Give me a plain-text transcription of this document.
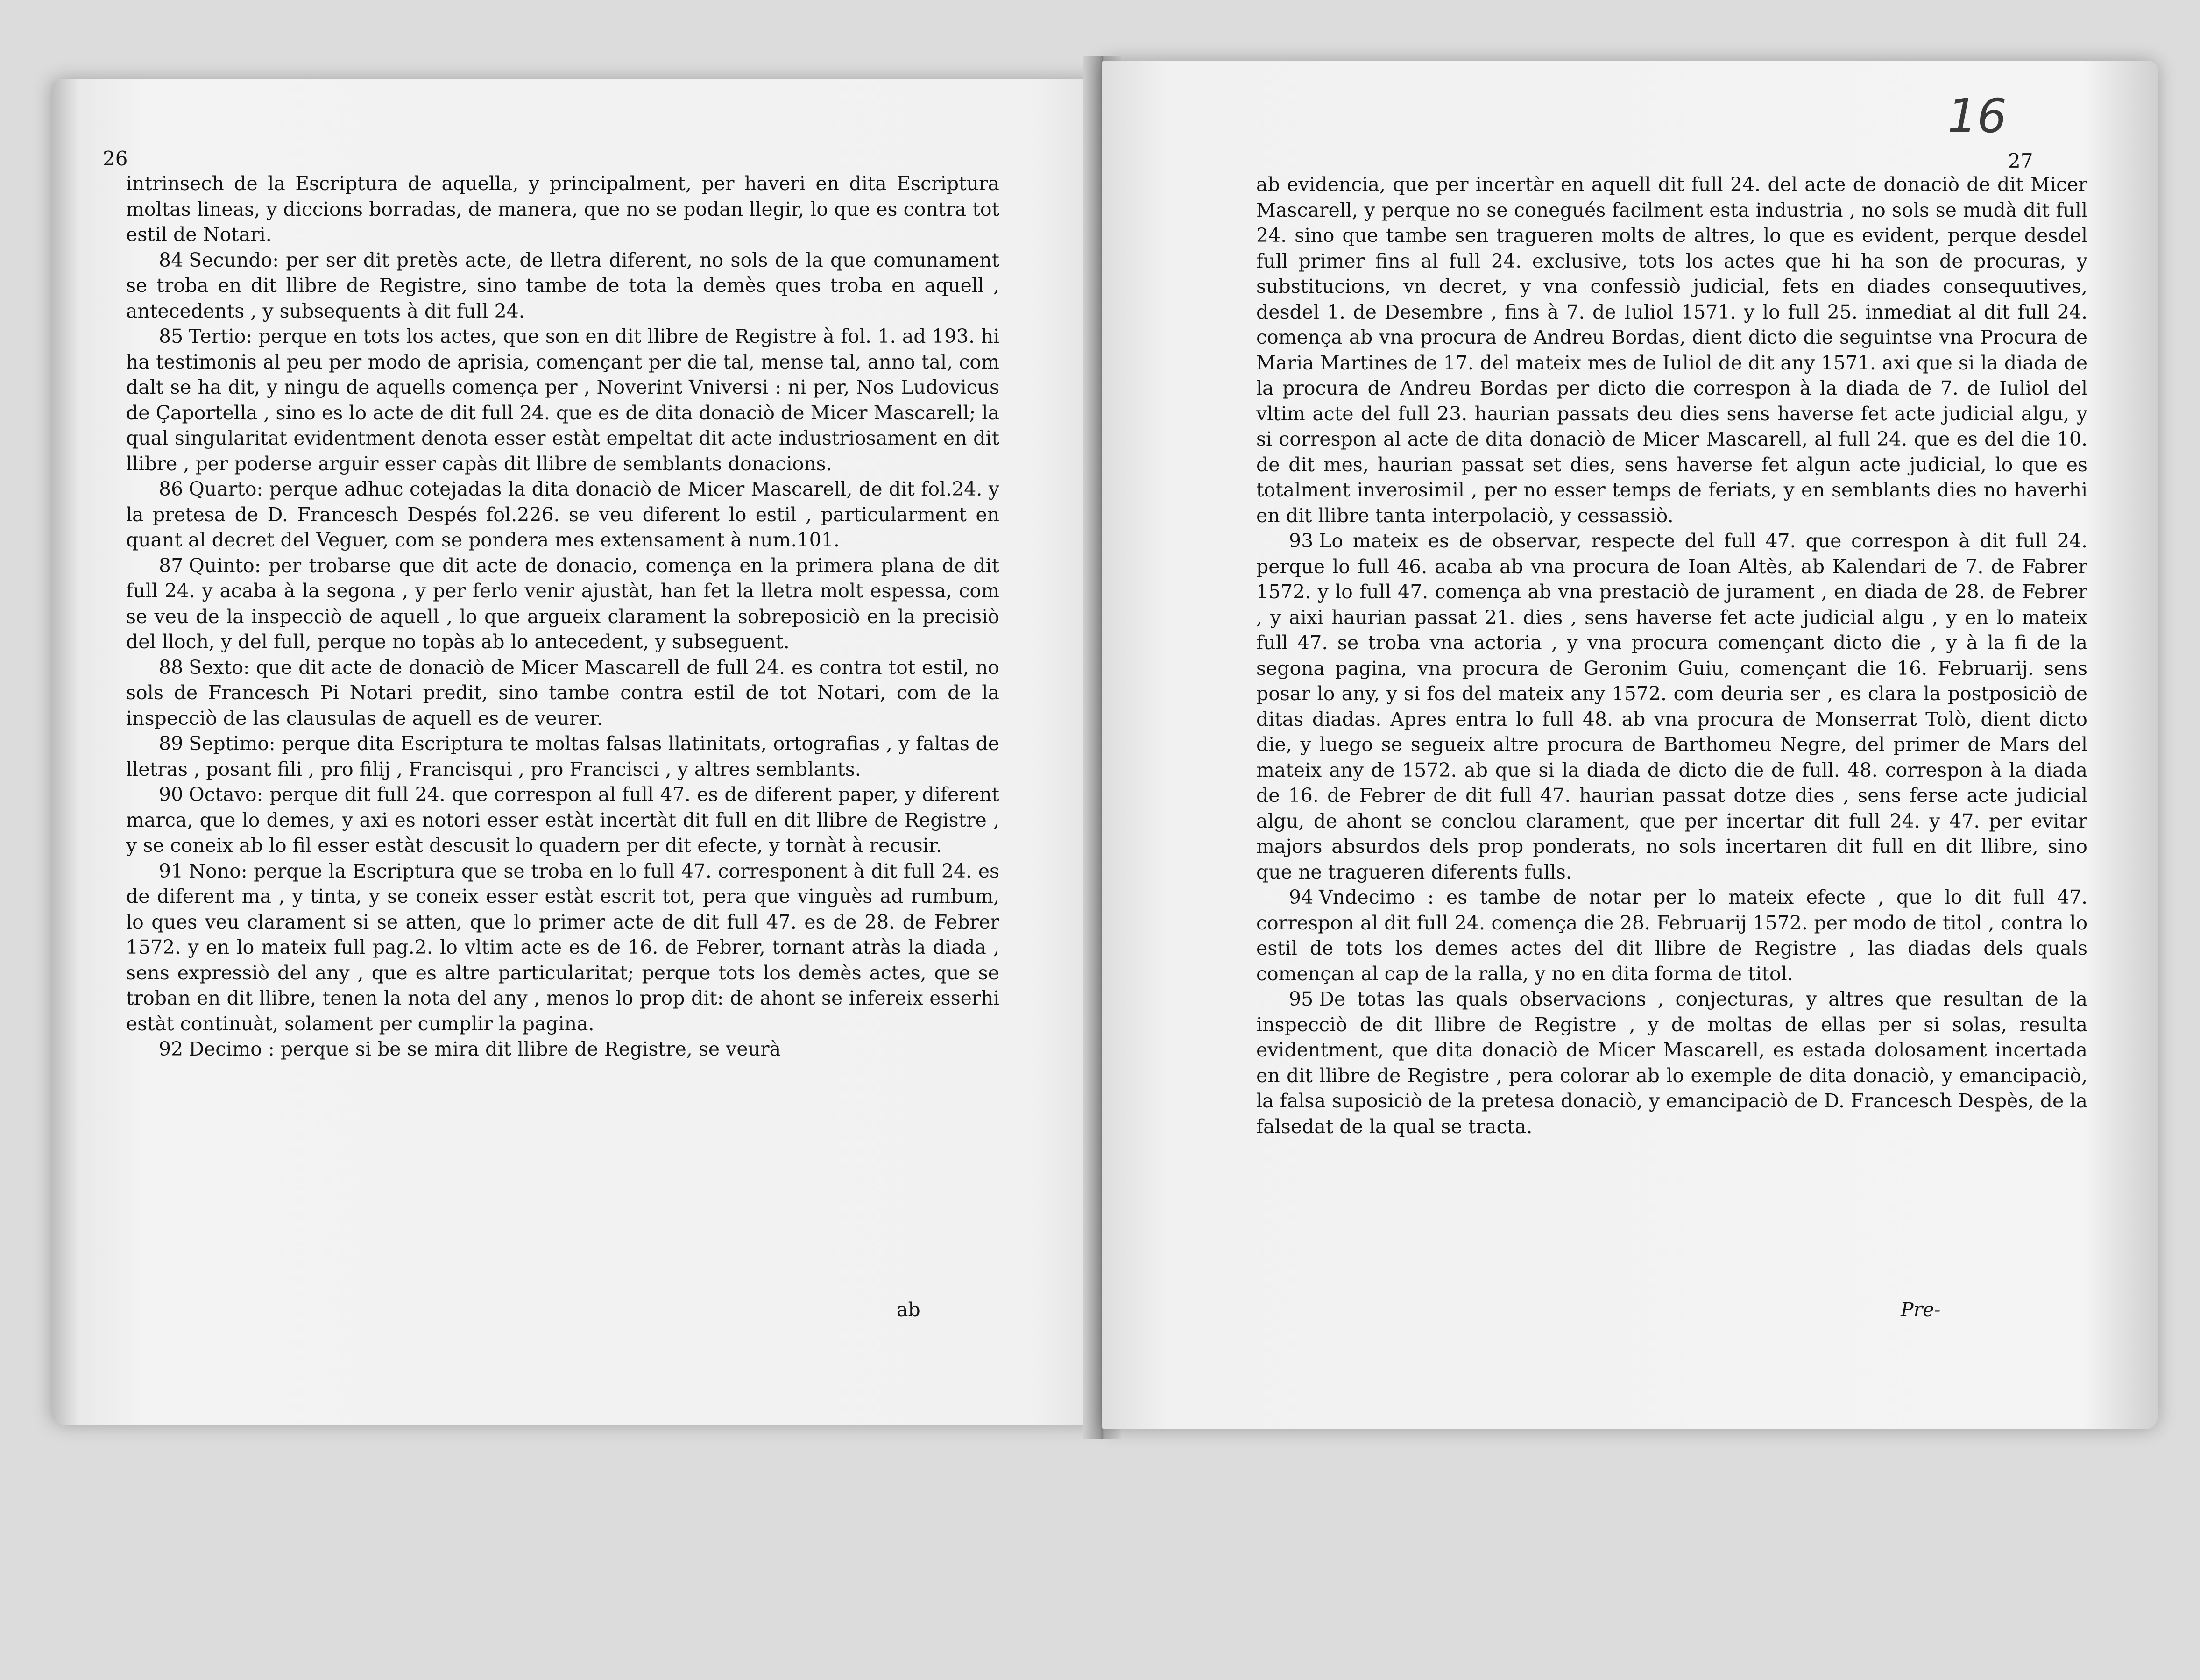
26

intrinsech de la Escriptura de aquella, y principalment, per haveri en dita Escriptura moltas lineas, y diccions borradas, de manera, que no se podan llegir, lo que es contra tot estil de Notari.

84 Secundo: per ser dit pretès acte, de lletra diferent, no sols de la que comunament se troba en dit llibre de Registre, sino tambe de tota la demès ques troba en aquell , antecedents , y subsequents à dit full 24.

85 Tertio: perque en tots los actes, que son en dit llibre de Registre à fol. 1. ad 193. hi ha testimonis al peu per modo de aprisia, començant per die tal, mense tal, anno tal, com dalt se ha dit, y ningu de aquells comença per , Noverint Vniversi : ni per, Nos Ludovicus de Çaportella , sino es lo acte de dit full 24. que es de dita donaciò de Micer Mascarell; la qual singularitat evidentment denota esser estàt empeltat dit acte industriosament en dit llibre , per poderse arguir esser capàs dit llibre de semblants donacions.

86 Quarto: perque adhuc cotejadas la dita donaciò de Micer Mascarell, de dit fol.24. y la pretesa de D. Francesch Despés fol.226. se veu diferent lo estil , particularment en quant al decret del Veguer, com se pondera mes extensament à num.101.

87 Quinto: per trobarse que dit acte de donacio, comença en la primera plana de dit full 24. y acaba à la segona , y per ferlo venir ajustàt, han fet la lletra molt espessa, com se veu de la inspecciò de aquell , lo que argueix clarament la sobreposiciò en la precisiò del lloch, y del full, perque no topàs ab lo antecedent, y subseguent.

88 Sexto: que dit acte de donaciò de Micer Mascarell de full 24. es contra tot estil, no sols de Francesch Pi Notari predit, sino tambe contra estil de tot Notari, com de la inspecciò de las clausulas de aquell es de veurer.

89 Septimo: perque dita Escriptura te moltas falsas llatinitats, ortografias , y faltas de lletras , posant fili , pro filij , Francisqui , pro Francisci , y altres semblants.

90 Octavo: perque dit full 24. que correspon al full 47. es de diferent paper, y diferent marca, que lo demes, y axi es notori esser estàt incertàt dit full en dit llibre de Registre , y se coneix ab lo fil esser estàt descusit lo quadern per dit efecte, y tornàt à recusir.

91 Nono: perque la Escriptura que se troba en lo full 47. corresponent à dit full 24. es de diferent ma , y tinta, y se coneix esser estàt escrit tot, pera que vinguès ad rumbum, lo ques veu clarament si se atten, que lo primer acte de dit full 47. es de 28. de Febrer 1572. y en lo mateix full pag.2. lo vltim acte es de 16. de Febrer, tornant atràs la diada , sens expressiò del any , que es altre particularitat; perque tots los demès actes, que se troban en dit llibre, tenen la nota del any , menos lo prop dit: de ahont se infereix esserhi estàt continuàt, solament per cumplir la pagina.

92 Decimo : perque si be se mira dit llibre de Registre, se veurà

ab
16
27

ab evidencia, que per incertàr en aquell dit full 24. del acte de donaciò de dit Micer Mascarell, y perque no se conegués facilment esta industria , no sols se mudà dit full 24. sino que tambe sen tragueren molts de altres, lo que es evident, perque desdel full primer fins al full 24. exclusive, tots los actes que hi ha son de procuras, y substitucions, vn decret, y vna confessiò judicial, fets en diades consequutives, desdel 1. de Desembre , fins à 7. de Iuliol 1571. y lo full 25. inmediat al dit full 24. comença ab vna procura de Andreu Bordas, dient dicto die seguintse vna Procura de Maria Martines de 17. del mateix mes de Iuliol de dit any 1571. axi que si la diada de la procura de Andreu Bordas per dicto die correspon à la diada de 7. de Iuliol del vltim acte del full 23. haurian passats deu dies sens haverse fet acte judicial algu, y si correspon al acte de dita donaciò de Micer Mascarell, al full 24. que es del die 10. de dit mes, haurian passat set dies, sens haverse fet algun acte judicial, lo que es totalment inverosimil , per no esser temps de feriats, y en semblants dies no haverhi en dit llibre tanta interpolaciò, y cessassiò.

93 Lo mateix es de observar, respecte del full 47. que correspon à dit full 24. perque lo full 46. acaba ab vna procura de Ioan Altès, ab Kalendari de 7. de Fabrer 1572. y lo full 47. comença ab vna prestaciò de jurament , en diada de 28. de Febrer , y aixi haurian passat 21. dies , sens haverse fet acte judicial algu , y en lo mateix full 47. se troba vna actoria , y vna procura començant dicto die , y à la fi de la segona pagina, vna procura de Geronim Guiu, començant die 16. Februarij. sens posar lo any, y si fos del mateix any 1572. com deuria ser , es clara la postposiciò de ditas diadas. Apres entra lo full 48. ab vna procura de Monserrat Tolò, dient dicto die, y luego se segueix altre procura de Barthomeu Negre, del primer de Mars del mateix any de 1572. ab que si la diada de dicto die de full. 48. correspon à la diada de 16. de Febrer de dit full 47. haurian passat dotze dies , sens ferse acte judicial algu, de ahont se conclou clarament, que per incertar dit full 24. y 47. per evitar majors absurdos dels prop ponderats, no sols incertaren dit full en dit llibre, sino que ne tragueren diferents fulls.

94 Vndecimo : es tambe de notar per lo mateix efecte , que lo dit full 47. correspon al dit full 24. comença die 28. Februarij 1572. per modo de titol , contra lo estil de tots los demes actes del dit llibre de Registre , las diadas dels quals començan al cap de la ralla, y no en dita forma de titol.

95 De totas las quals observacions , conjecturas, y altres que resultan de la inspecciò de dit llibre de Registre , y de moltas de ellas per si solas, resulta evidentment, que dita donaciò de Micer Mascarell, es estada dolosament incertada en dit llibre de Registre , pera colorar ab lo exemple de dita donaciò, y emancipaciò, la falsa suposiciò de la pretesa donaciò, y emancipaciò de D. Francesch Despès, de la falsedat de la qual se tracta.

Pre-
